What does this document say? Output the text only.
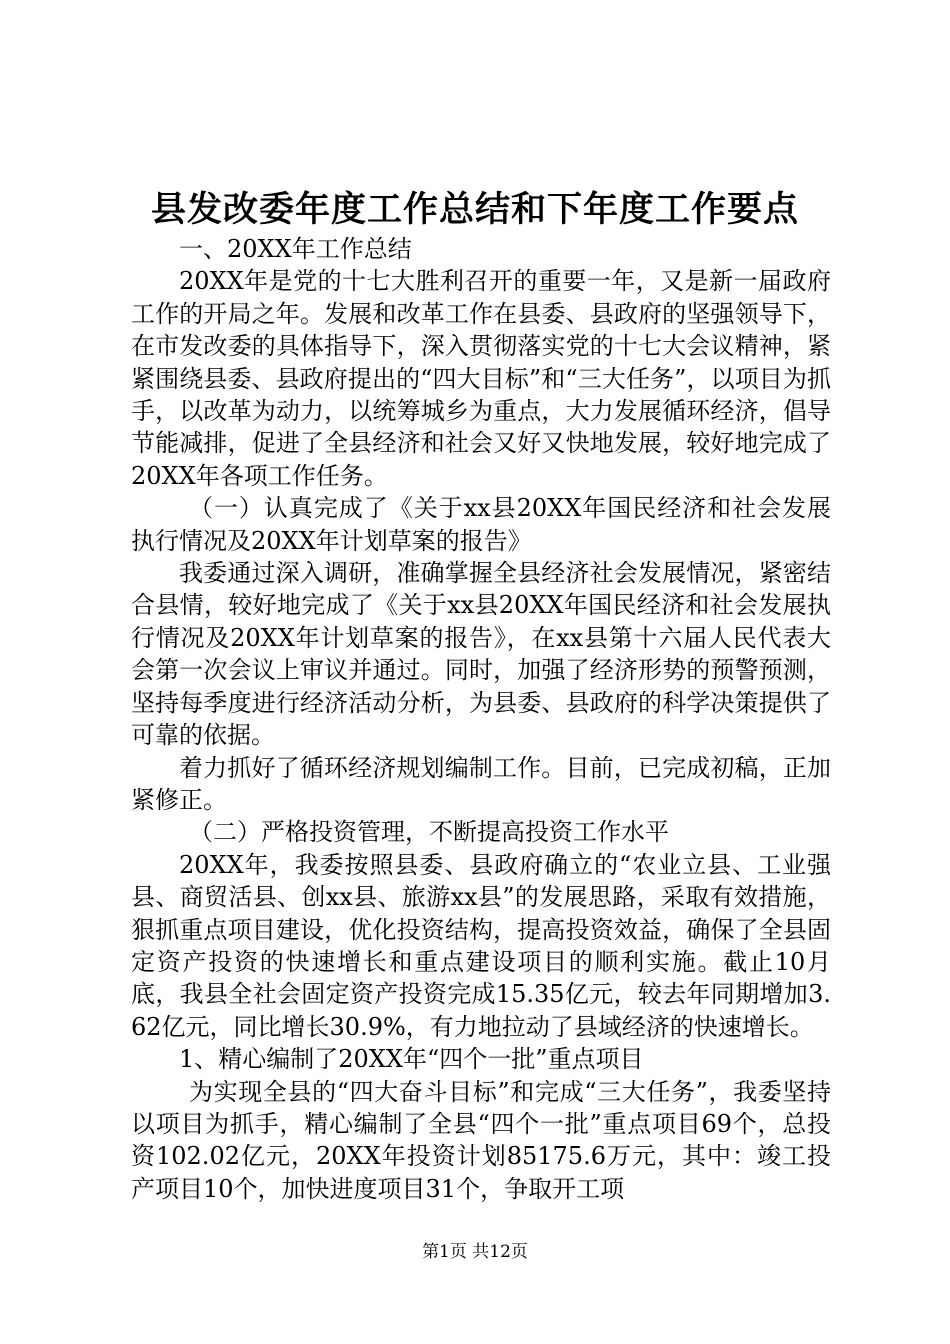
县发改委年度工作总结和下年度工作要点

一、20XX年工作总结

20XX年是党的十七大胜利召开的重要一年，又是新一届政府工作的开局之年。发展和改革工作在县委、县政府的坚强领导下，在市发改委的具体指导下，深入贯彻落实党的十七大会议精神，紧紧围绕县委、县政府提出的“四大目标”和“三大任务”，以项目为抓手，以改革为动力，以统筹城乡为重点，大力发展循环经济，倡导节能减排，促进了全县经济和社会又好又快地发展，较好地完成了20XX年各项工作任务。

（一）认真完成了《关于xx县20XX年国民经济和社会发展执行情况及20XX年计划草案的报告》

我委通过深入调研，准确掌握全县经济社会发展情况，紧密结合县情，较好地完成了《关于xx县20XX年国民经济和社会发展执行情况及20XX年计划草案的报告》，在xx县第十六届人民代表大会第一次会议上审议并通过。同时，加强了经济形势的预警预测，坚持每季度进行经济活动分析，为县委、县政府的科学决策提供了可靠的依据。

着力抓好了循环经济规划编制工作。目前，已完成初稿，正加紧修正。

（二）严格投资管理，不断提高投资工作水平

20XX年，我委按照县委、县政府确立的“农业立县、工业强县、商贸活县、创xx县、旅游xx县”的发展思路，采取有效措施，狠抓重点项目建设，优化投资结构，提高投资效益，确保了全县固定资产投资的快速增长和重点建设项目的顺利实施。截止10月底，我县全社会固定资产投资完成15.35亿元，较去年同期增加3.62亿元，同比增长30.9%，有力地拉动了县域经济的快速增长。

1、精心编制了20XX年“四个一批”重点项目

为实现全县的“四大奋斗目标”和完成“三大任务”，我委坚持以项目为抓手，精心编制了全县“四个一批”重点项目69个，总投资102.02亿元，20XX年投资计划85175.6万元，其中：竣工投产项目10个，加快进度项目31个，争取开工项

第1页 共12页
